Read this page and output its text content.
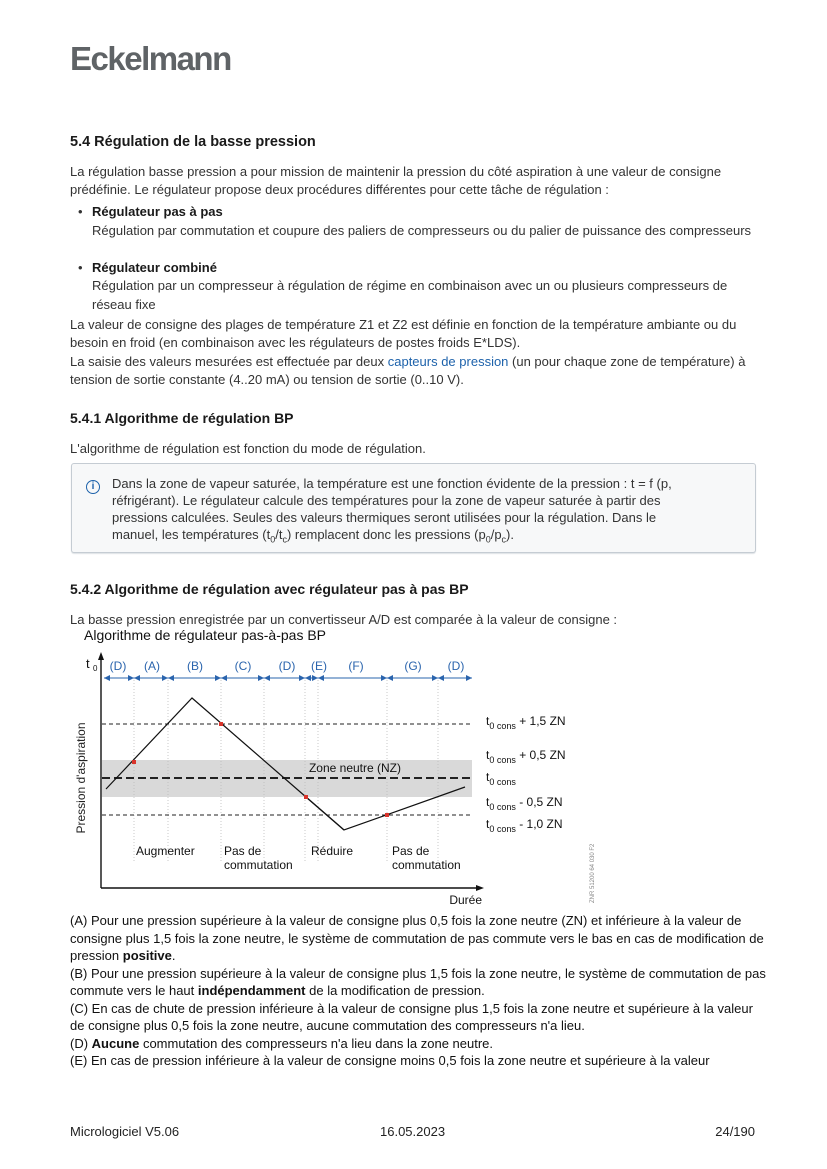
Eckelmann
5.4 Régulation de la basse pression
La régulation basse pression a pour mission de maintenir la pression du côté aspiration à une valeur de consigne prédéfinie. Le régulateur propose deux procédures différentes pour cette tâche de régulation :
• Régulateur pas à pas
Régulation par commutation et coupure des paliers de compresseurs ou du palier de puissance des compresseurs
• Régulateur combiné
Régulation par un compresseur à régulation de régime en combinaison avec un ou plusieurs compresseurs de réseau fixe
La valeur de consigne des plages de température Z1 et Z2 est définie en fonction de la température ambiante ou du besoin en froid (en combinaison avec les régulateurs de postes froids E*LDS).
La saisie des valeurs mesurées est effectuée par deux capteurs de pression (un pour chaque zone de température) à tension de sortie constante (4..20 mA) ou tension de sortie (0..10 V).
5.4.1 Algorithme de régulation BP
L'algorithme de régulation est fonction du mode de régulation.
i	Dans la zone de vapeur saturée, la température est une fonction évidente de la pression : t = f (p,
réfrigérant). Le régulateur calcule des températures pour la zone de vapeur saturée à partir des
pressions calculées. Seules des valeurs thermiques seront utilisées pour la régulation. Dans le
manuel, les températures $(t_0/t_c)$ remplacent donc les pressions $(p_0/p_c)$.
5.4.2 Algorithme de régulation avec régulateur pas à pas BP
La basse pression enregistrée par un convertisseur A/D est comparée à la valeur de consigne :
Algorithme de régulateur pas-à-pas BP
(D) (A) (B)	(C) (D) (E) (F)	(G) (D)
t 0
Zone neutre (NZ)
Pression d'aspiration
$t_{0 cons} + 1,5$ ZN
$t_{0 cons} + 0,5$ ZN
$t_{0 cons}$
$t_{0 cons} - 0,5$ ZN
$t_{0 cons} - 1,0$ ZN
Augmenter Pas de
commutation
Réduire	Pas de
commutation
Durée	ZNR 51200 64 030 F2
(A) Pour une pression supérieure à la valeur de consigne plus 0,5 fois la zone neutre (ZN) et inférieure à la valeur de consigne plus 1,5 fois la zone neutre, le système de commutation de pas commute vers le bas en cas de modification de pression positive.
(B) Pour une pression supérieure à la valeur de consigne plus 1,5 fois la zone neutre, le système de commutation de pas commute vers le haut indépendamment de la modification de pression.
(C) En cas de chute de pression inférieure à la valeur de consigne plus 1,5 fois la zone neutre et supérieure à la valeur de consigne plus 0,5 fois la zone neutre, aucune commutation des compresseurs n'a lieu.
(D) Aucune commutation des compresseurs n'a lieu dans la zone neutre.
(E) En cas de pression inférieure à la valeur de consigne moins 0,5 fois la zone neutre et supérieure à la valeur
Micrologiciel V5.06	16.05.2023	24/190
